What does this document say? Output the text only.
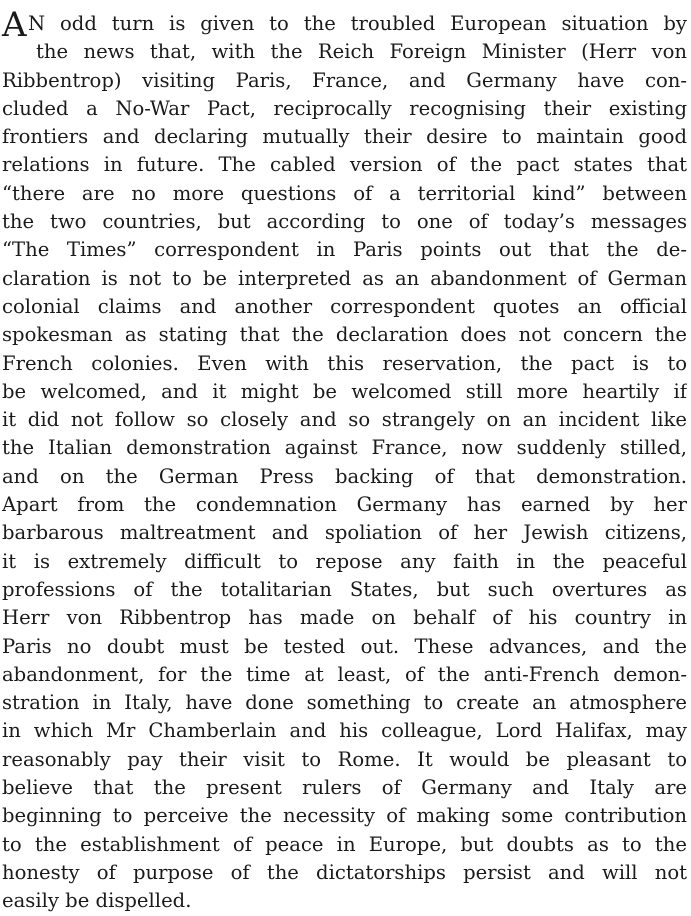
A N odd turn is given to the troubled European situation by
the news that, with the Reich Foreign Minister (Herr von
Ribbentrop) visiting Paris, France, and Germany have con-
cluded a No-War Pact, reciprocally recognising their existing
frontiers and declaring mutually their desire to maintain good
relations in future. The cabled version of the pact states that
“there are no more questions of a territorial kind” between
the two countries, but according to one of today’s messages
“The Times” correspondent in Paris points out that the de-
claration is not to be interpreted as an abandonment of German
colonial claims and another correspondent quotes an official
spokesman as stating that the declaration does not concern the
French colonies. Even with this reservation, the pact is to
be welcomed, and it might be welcomed still more heartily if
it did not follow so closely and so strangely on an incident like
the Italian demonstration against France, now suddenly stilled,
and on the German Press backing of that demonstration.
Apart from the condemnation Germany has earned by her
barbarous maltreatment and spoliation of her Jewish citizens,
it is extremely difficult to repose any faith in the peaceful
professions of the totalitarian States, but such overtures as
Herr von Ribbentrop has made on behalf of his country in
Paris no doubt must be tested out. These advances, and the
abandonment, for the time at least, of the anti-French demon-
stration in Italy, have done something to create an atmosphere
in which Mr Chamberlain and his colleague, Lord Halifax, may
reasonably pay their visit to Rome. It would be pleasant to
believe that the present rulers of Germany and Italy are
beginning to perceive the necessity of making some contribution
to the establishment of peace in Europe, but doubts as to the
honesty of purpose of the dictatorships persist and will not
easily be dispelled.
